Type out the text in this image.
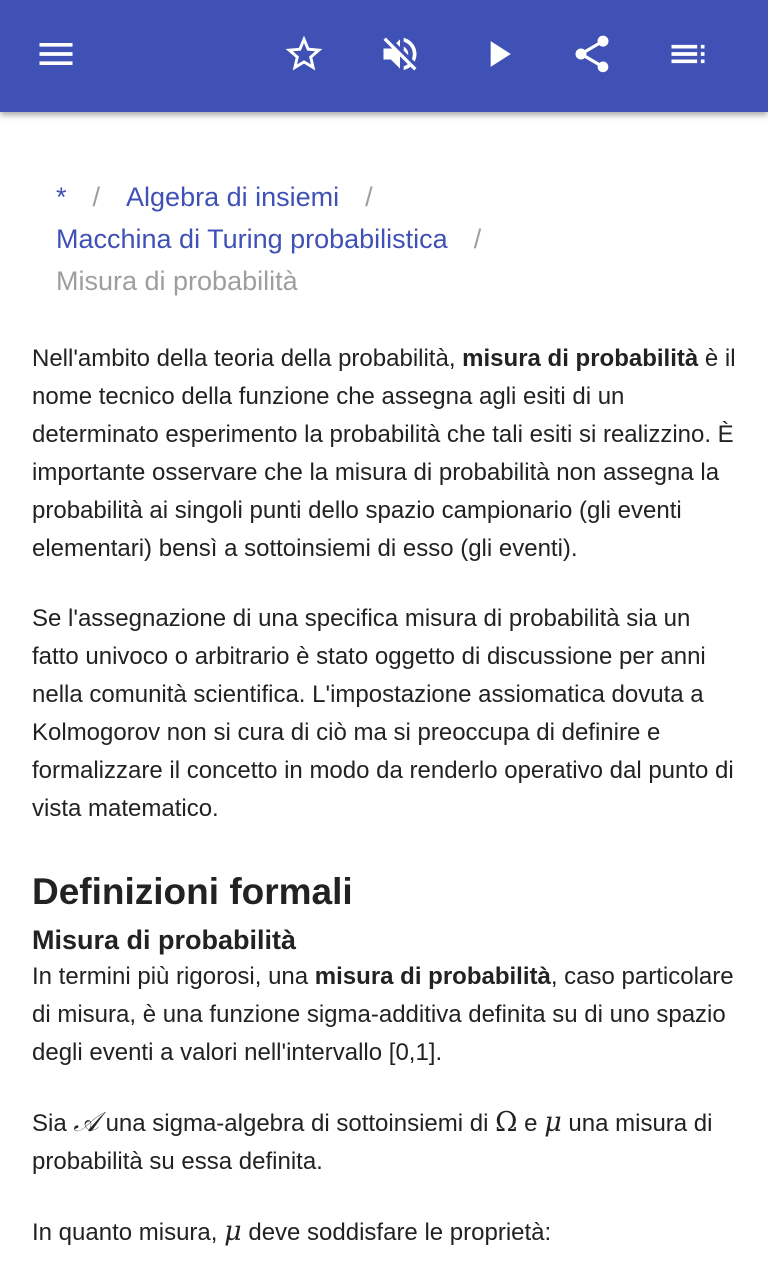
* / Algebra di insiemi /
Macchina di Turing probabilistica /
Misura di probabilità

Nell'ambito della teoria della probabilità, misura di probabilità è il nome tecnico della funzione che assegna agli esiti di un determinato esperimento la probabilità che tali esiti si realizzino. È importante osservare che la misura di probabilità non assegna la probabilità ai singoli punti dello spazio campionario (gli eventi elementari) bensì a sottoinsiemi di esso (gli eventi).

Se l'assegnazione di una specifica misura di probabilità sia un fatto univoco o arbitrario è stato oggetto di discussione per anni nella comunità scientifica. L'impostazione assiomatica dovuta a Kolmogorov non si cura di ciò ma si preoccupa di definire e formalizzare il concetto in modo da renderlo operativo dal punto di vista matematico.

Definizioni formali
Misura di probabilità

In termini più rigorosi, una misura di probabilità, caso particolare di misura, è una funzione sigma-additiva definita su di uno spazio degli eventi a valori nell'intervallo [0,1].

Sia 𝒜 una sigma-algebra di sottoinsiemi di Ω e μ una misura di probabilità su essa definita.

In quanto misura, μ deve soddisfare le proprietà:
